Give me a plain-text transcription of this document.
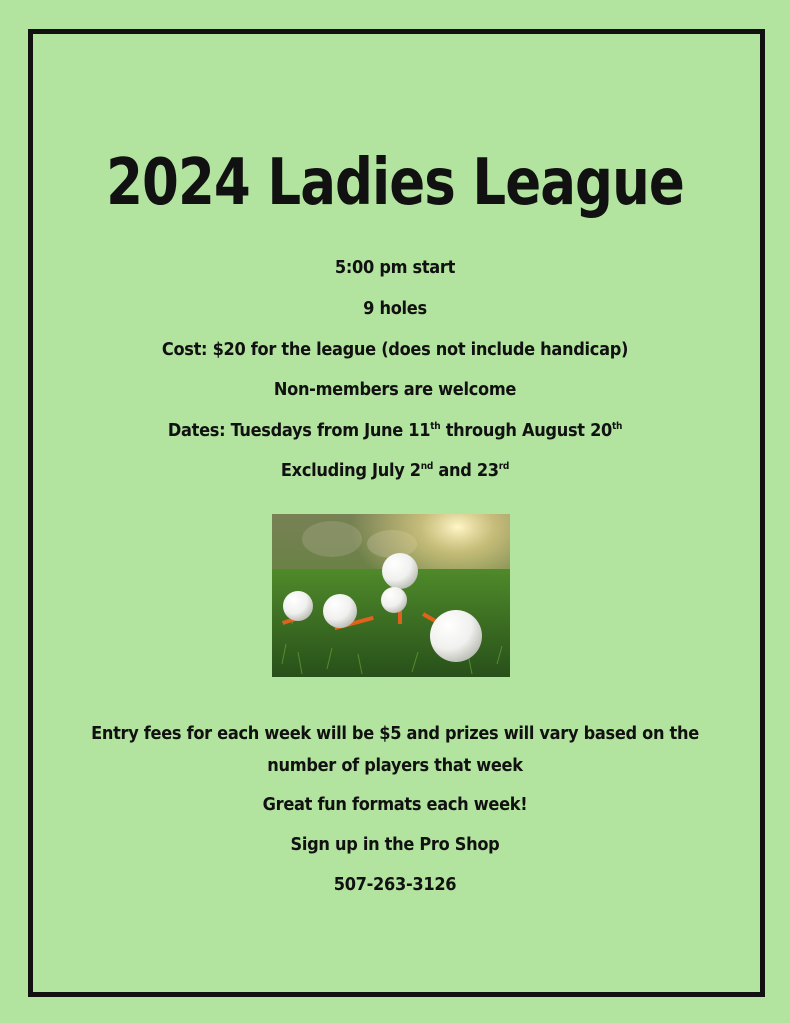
2024 Ladies League
5:00 pm start
9 holes
Cost: $20 for the league (does not include handicap)
Non-members are welcome
Dates: Tuesdays from June 11th through August 20th
Excluding July 2nd and 23rd
Entry fees for each week will be $5 and prizes will vary based on the
number of players that week
Great fun formats each week!
Sign up in the Pro Shop
507-263-3126
